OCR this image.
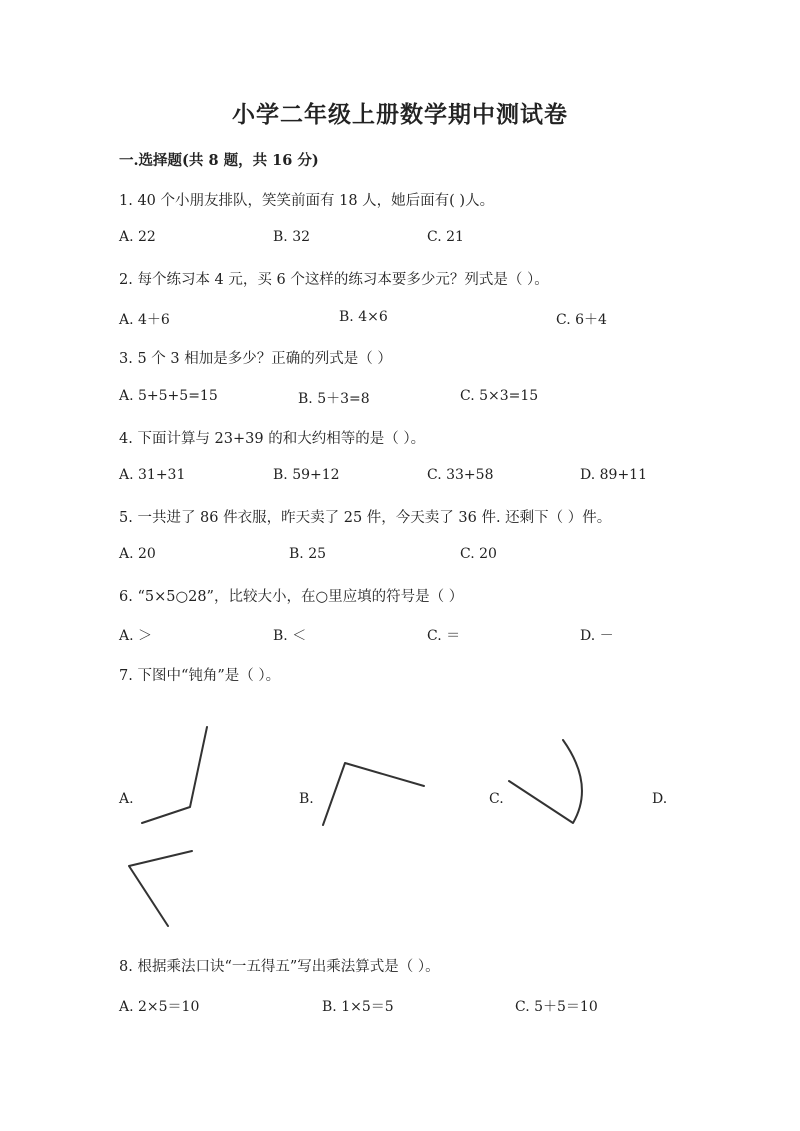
小学二年级上册数学期中测试卷
一.选择题(共 8 题，共 16 分)
1. 40 个小朋友排队，笑笑前面有 18 人，她后面有( )人。
A. 22	B. 32	C. 21
2. 每个练习本 4 元，买 6 个这样的练习本要多少元？列式是（ ）。
A. 4＋6	B. 4×6	C. 6＋4
3. 5 个 3 相加是多少？正确的列式是（ ）
A. 5+5+5=15	B. 5＋3=8	C. 5×3=15
4. 下面计算与 23+39 的和大约相等的是（ ）。
A. 31+31	B. 59+12	C. 33+58	D. 89+11
5. 一共进了 86 件衣服，昨天卖了 25 件，今天卖了 36 件. 还剩下（ ）件。
A. 20	B. 25	C. 20
6. “5×5○28”，比较大小，在○里应填的符号是（ ）
A. ＞	B. ＜	C. ＝	D. －
7. 下图中“钝角”是（ ）。
A.	B.	C.	D.
8. 根据乘法口诀“一五得五”写出乘法算式是（ ）。
A. 2×5＝10	B. 1×5＝5	C. 5＋5＝10
